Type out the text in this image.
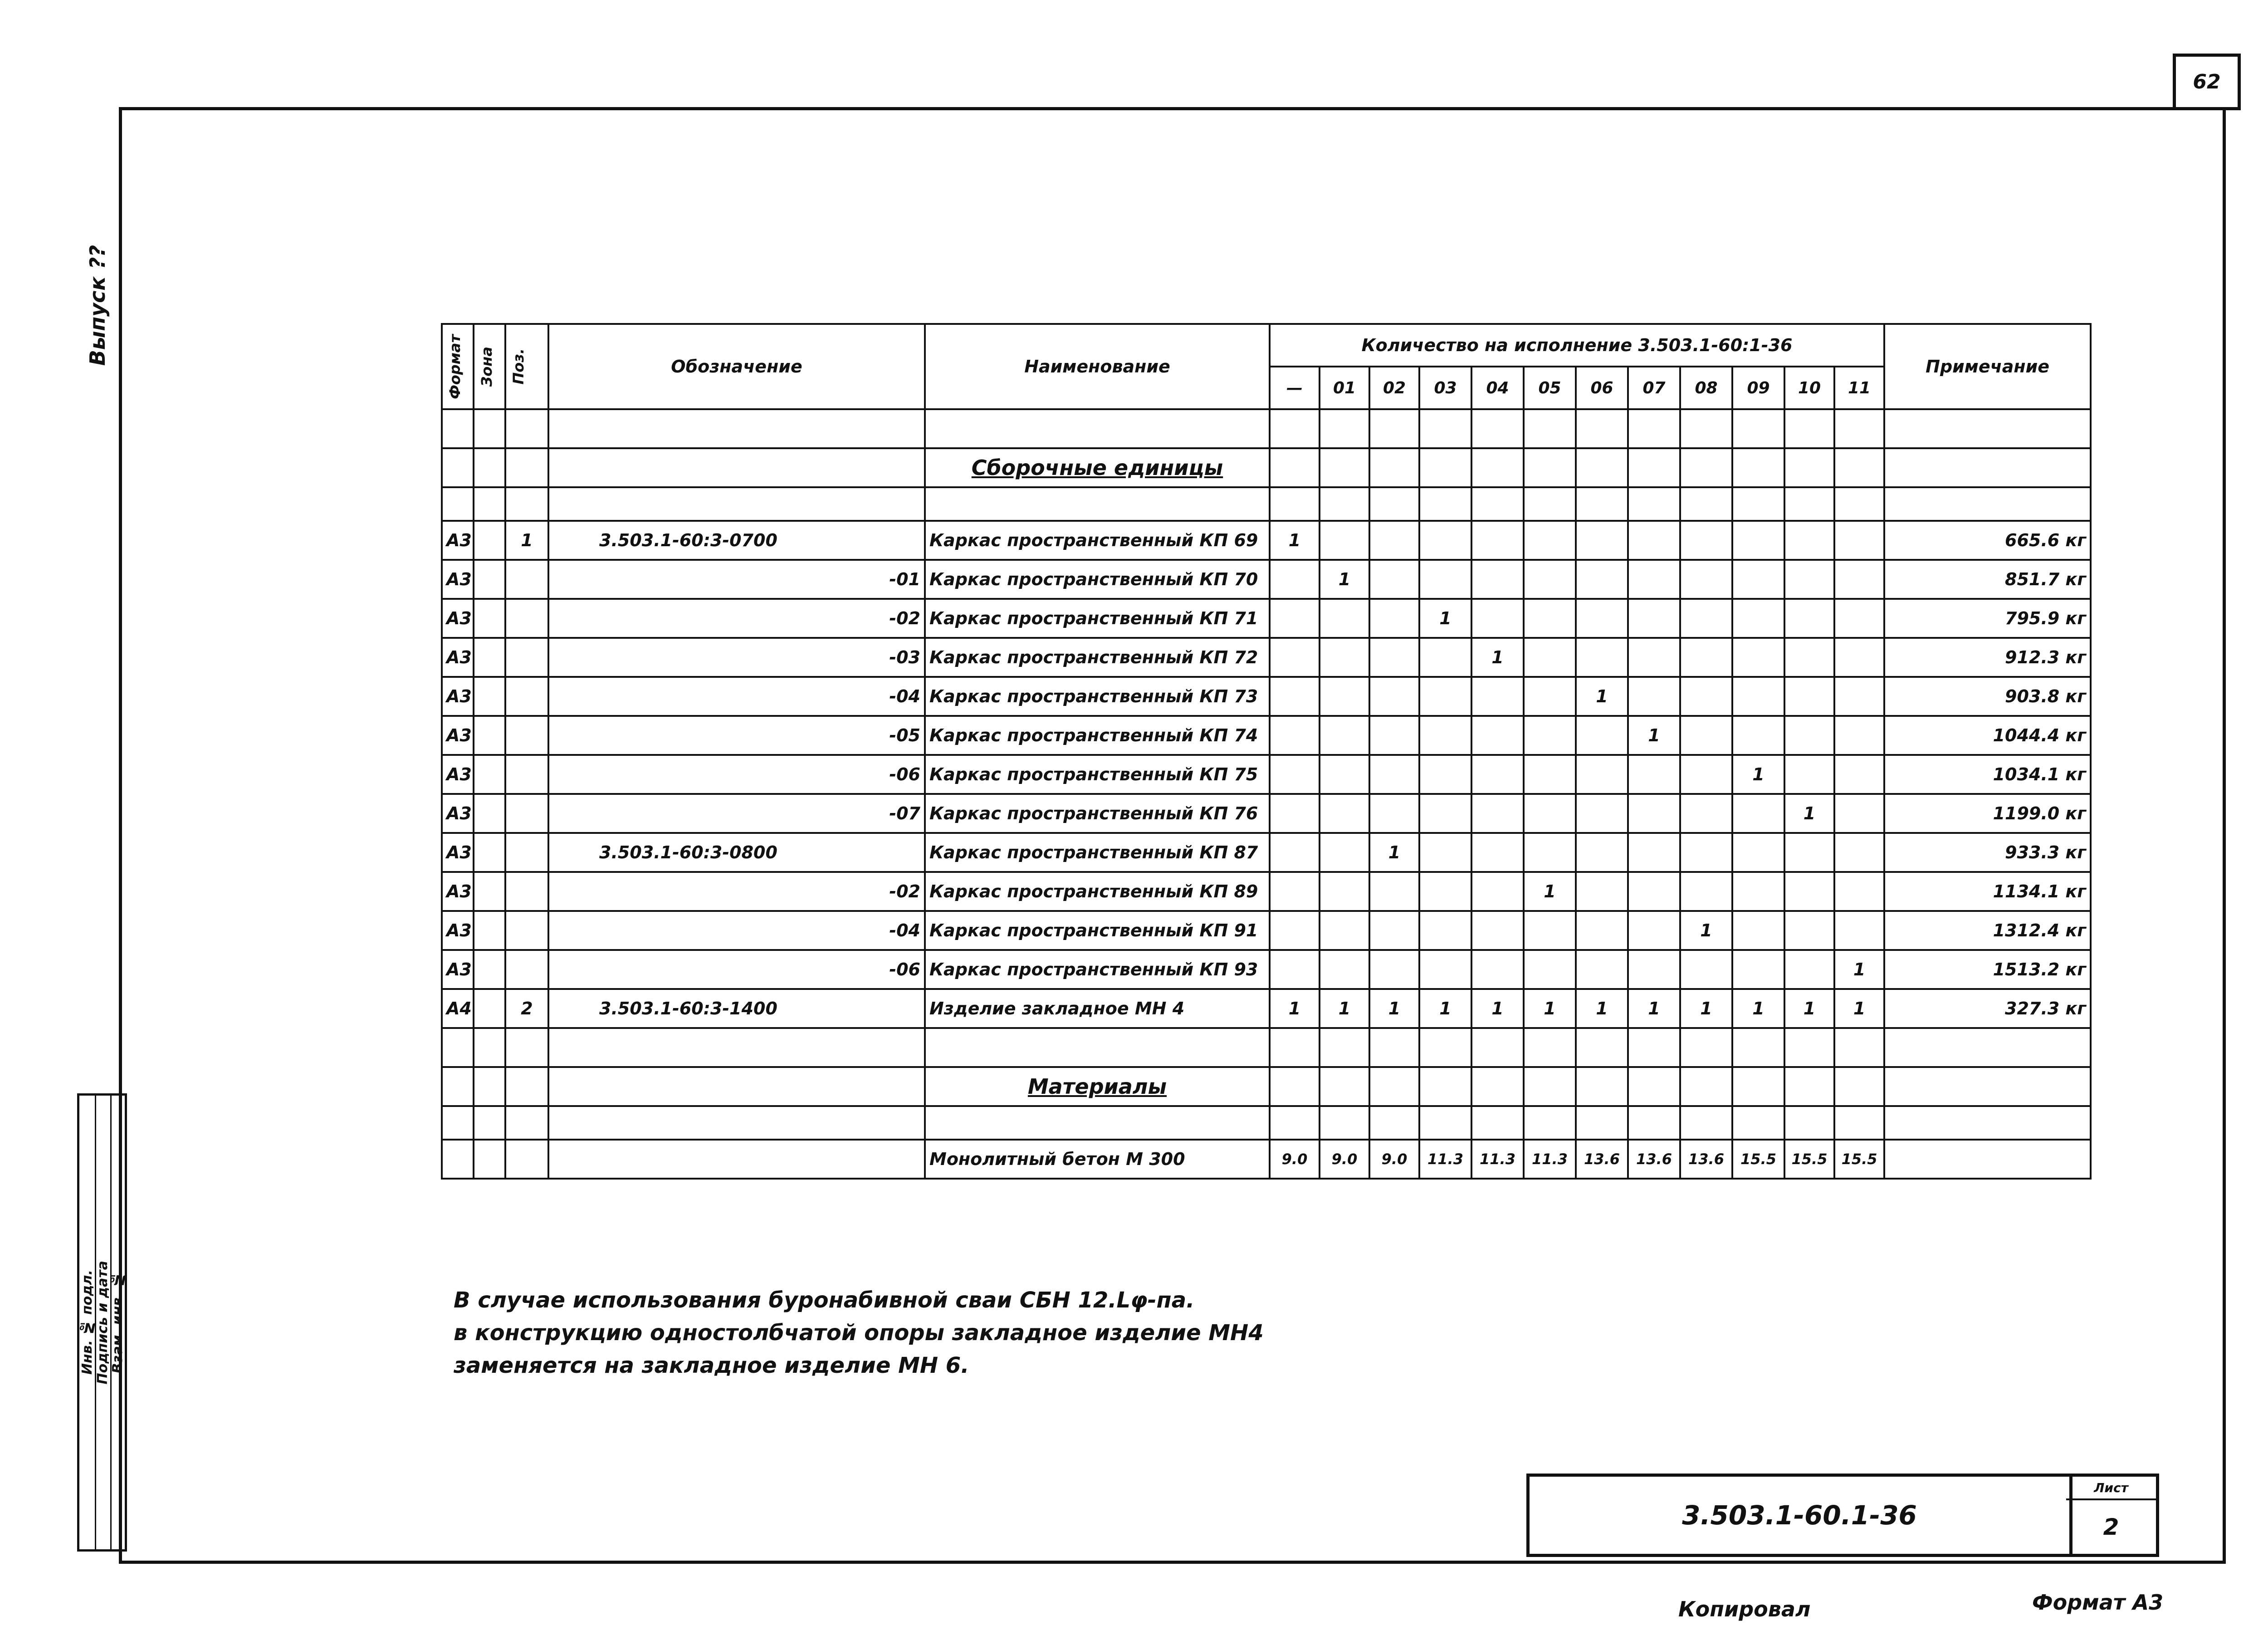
62
Выпуск ??
Инв. № подл. Подпись и дата
Взам. инв. №
Формат	Зона	Поз.	Обозначение	Наименование	Количество на исполнение 3.503.1-60:1-36												Примечание
					—	01	02	03	04	05	06	07	08	09	10	11	

				Сборочные единицы													

А3		1	3.503.1-60:3-0700	Каркас пространственный КП 69	1												665.6 кг
А3			-01	Каркас пространственный КП 70		1											851.7 кг
А3			-02	Каркас пространственный КП 71				1									795.9 кг
А3			-03	Каркас пространственный КП 72					1								912.3 кг
А3			-04	Каркас пространственный КП 73							1						903.8 кг
А3			-05	Каркас пространственный КП 74								1					1044.4 кг
А3			-06	Каркас пространственный КП 75										1			1034.1 кг
А3			-07	Каркас пространственный КП 76											1		1199.0 кг
А3			3.503.1-60:3-0800	Каркас пространственный КП 87			1										933.3 кг
А3			-02	Каркас пространственный КП 89						1							1134.1 кг
А3			-04	Каркас пространственный КП 91									1				1312.4 кг
А3			-06	Каркас пространственный КП 93												1	1513.2 кг
А4		2	3.503.1-60:3-1400	Изделие закладное МН 4	1	1	1	1	1	1	1	1	1	1	1	1	327.3 кг

				Материалы													

				Монолитный бетон М 300	9.0	9.0	9.0	11.3	11.3	11.3	13.6	13.6	13.6	15.5	15.5	15.5	
В случае использования буронабивной сваи СБН 12.Lφ-па.
в конструкцию одностолбчатой опоры закладное изделие МН4
заменяется на закладное изделие МН 6.
3.503.1-60.1-36
Лист
2
Копировал	Формат А3
